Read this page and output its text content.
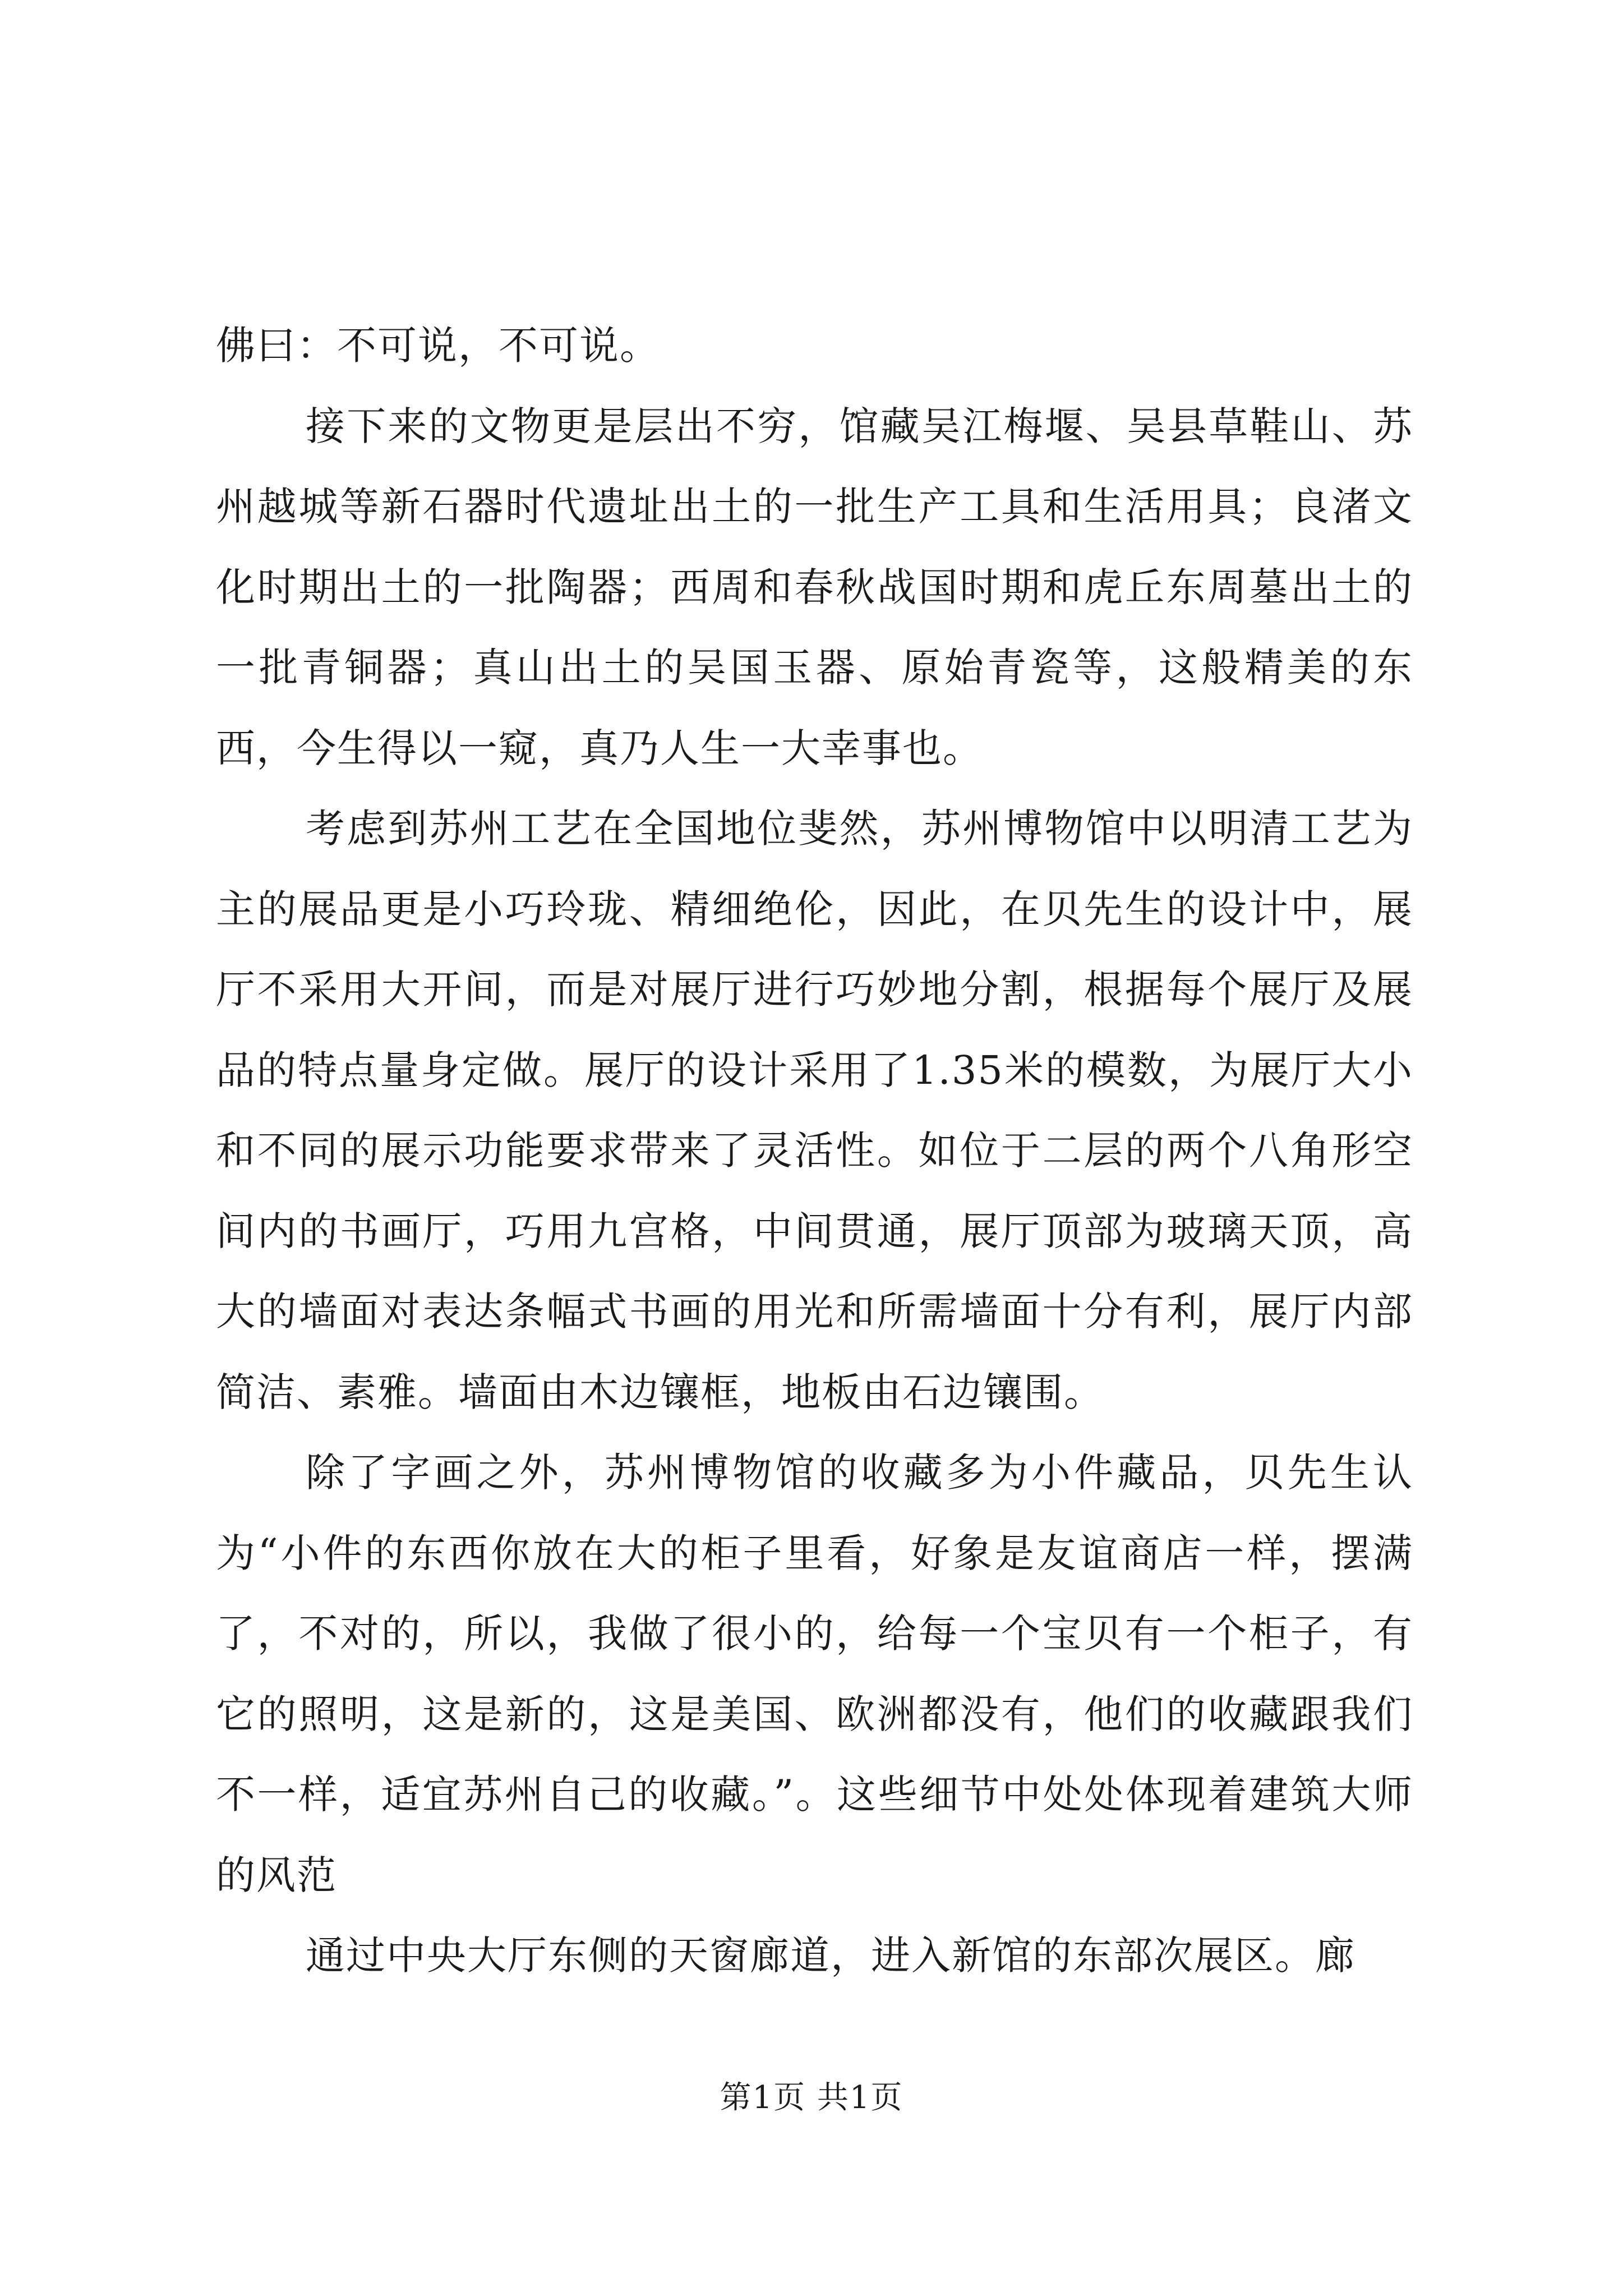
佛曰：不可说，不可说。

接下来的文物更是层出不穷，馆藏吴江梅堰、吴县草鞋山、苏州越城等新石器时代遗址出土的一批生产工具和生活用具；良渚文化时期出土的一批陶器；西周和春秋战国时期和虎丘东周墓出土的一批青铜器；真山出土的吴国玉器、原始青瓷等，这般精美的东西，今生得以一窥，真乃人生一大幸事也。

考虑到苏州工艺在全国地位斐然，苏州博物馆中以明清工艺为主的展品更是小巧玲珑、精细绝伦，因此，在贝先生的设计中，展厅不采用大开间，而是对展厅进行巧妙地分割，根据每个展厅及展品的特点量身定做。展厅的设计采用了1.35米的模数，为展厅大小和不同的展示功能要求带来了灵活性。如位于二层的两个八角形空间内的书画厅，巧用九宫格，中间贯通，展厅顶部为玻璃天顶，高大的墙面对表达条幅式书画的用光和所需墙面十分有利，展厅内部简洁、素雅。墙面由木边镶框，地板由石边镶围。

除了字画之外，苏州博物馆的收藏多为小件藏品，贝先生认为“小件的东西你放在大的柜子里看，好象是友谊商店一样，摆满了，不对的，所以，我做了很小的，给每一个宝贝有一个柜子，有它的照明，这是新的，这是美国、欧洲都没有，他们的收藏跟我们不一样，适宜苏州自己的收藏。”。这些细节中处处体现着建筑大师的风范

通过中央大厅东侧的天窗廊道，进入新馆的东部次展区。廊

第1页 共1页
